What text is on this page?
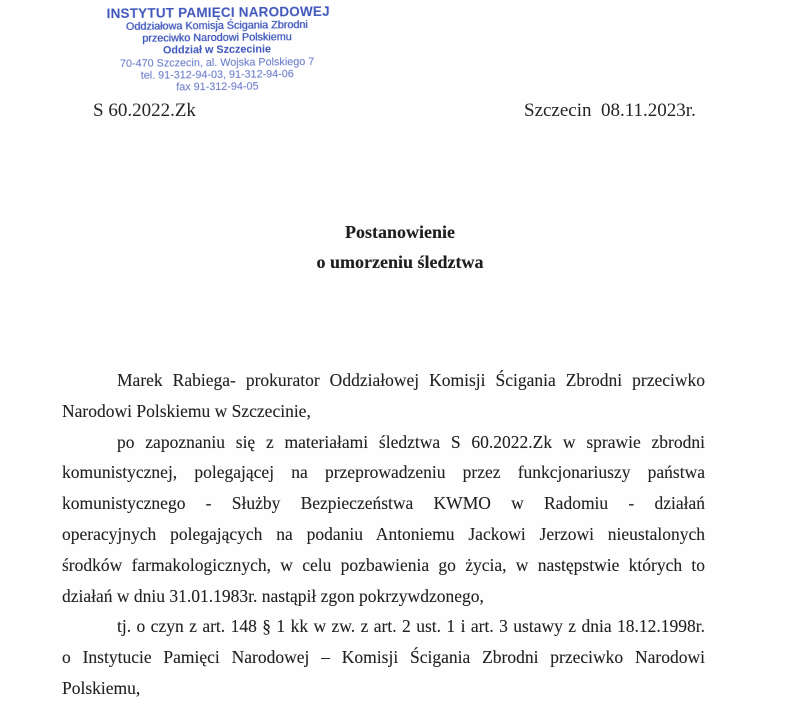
INSTYTUT PAMIĘCI NARODOWEJ
Oddziałowa Komisja Ścigania Zbrodni
przeciwko Narodowi Polskiemu
Oddział w Szczecinie
70-470 Szczecin, al. Wojska Polskiego 7
tel. 91-312-94-03, 91-312-94-06
fax 91-312-94-05
S 60.2022.Zk	Szczecin  08.11.2023r.
Postanowienie
o umorzeniu śledztwa
Marek Rabiega- prokurator Oddziałowej Komisji Ścigania Zbrodni przeciwko
Narodowi Polskiemu w Szczecinie,
po zapoznaniu się z materiałami śledztwa S 60.2022.Zk w sprawie zbrodni
komunistycznej, polegającej na przeprowadzeniu przez funkcjonariuszy państwa
komunistycznego - Służby Bezpieczeństwa KWMO w Radomiu - działań
operacyjnych polegających na podaniu Antoniemu Jackowi Jerzowi nieustalonych
środków farmakologicznych, w celu pozbawienia go życia, w następstwie których to
działań w dniu 31.01.1983r. nastąpił zgon pokrzywdzonego,
tj. o czyn z art. 148 § 1 kk w zw. z art. 2 ust. 1 i art. 3 ustawy z dnia 18.12.1998r.
o Instytucie Pamięci Narodowej – Komisji Ścigania Zbrodni przeciwko Narodowi
Polskiemu,
